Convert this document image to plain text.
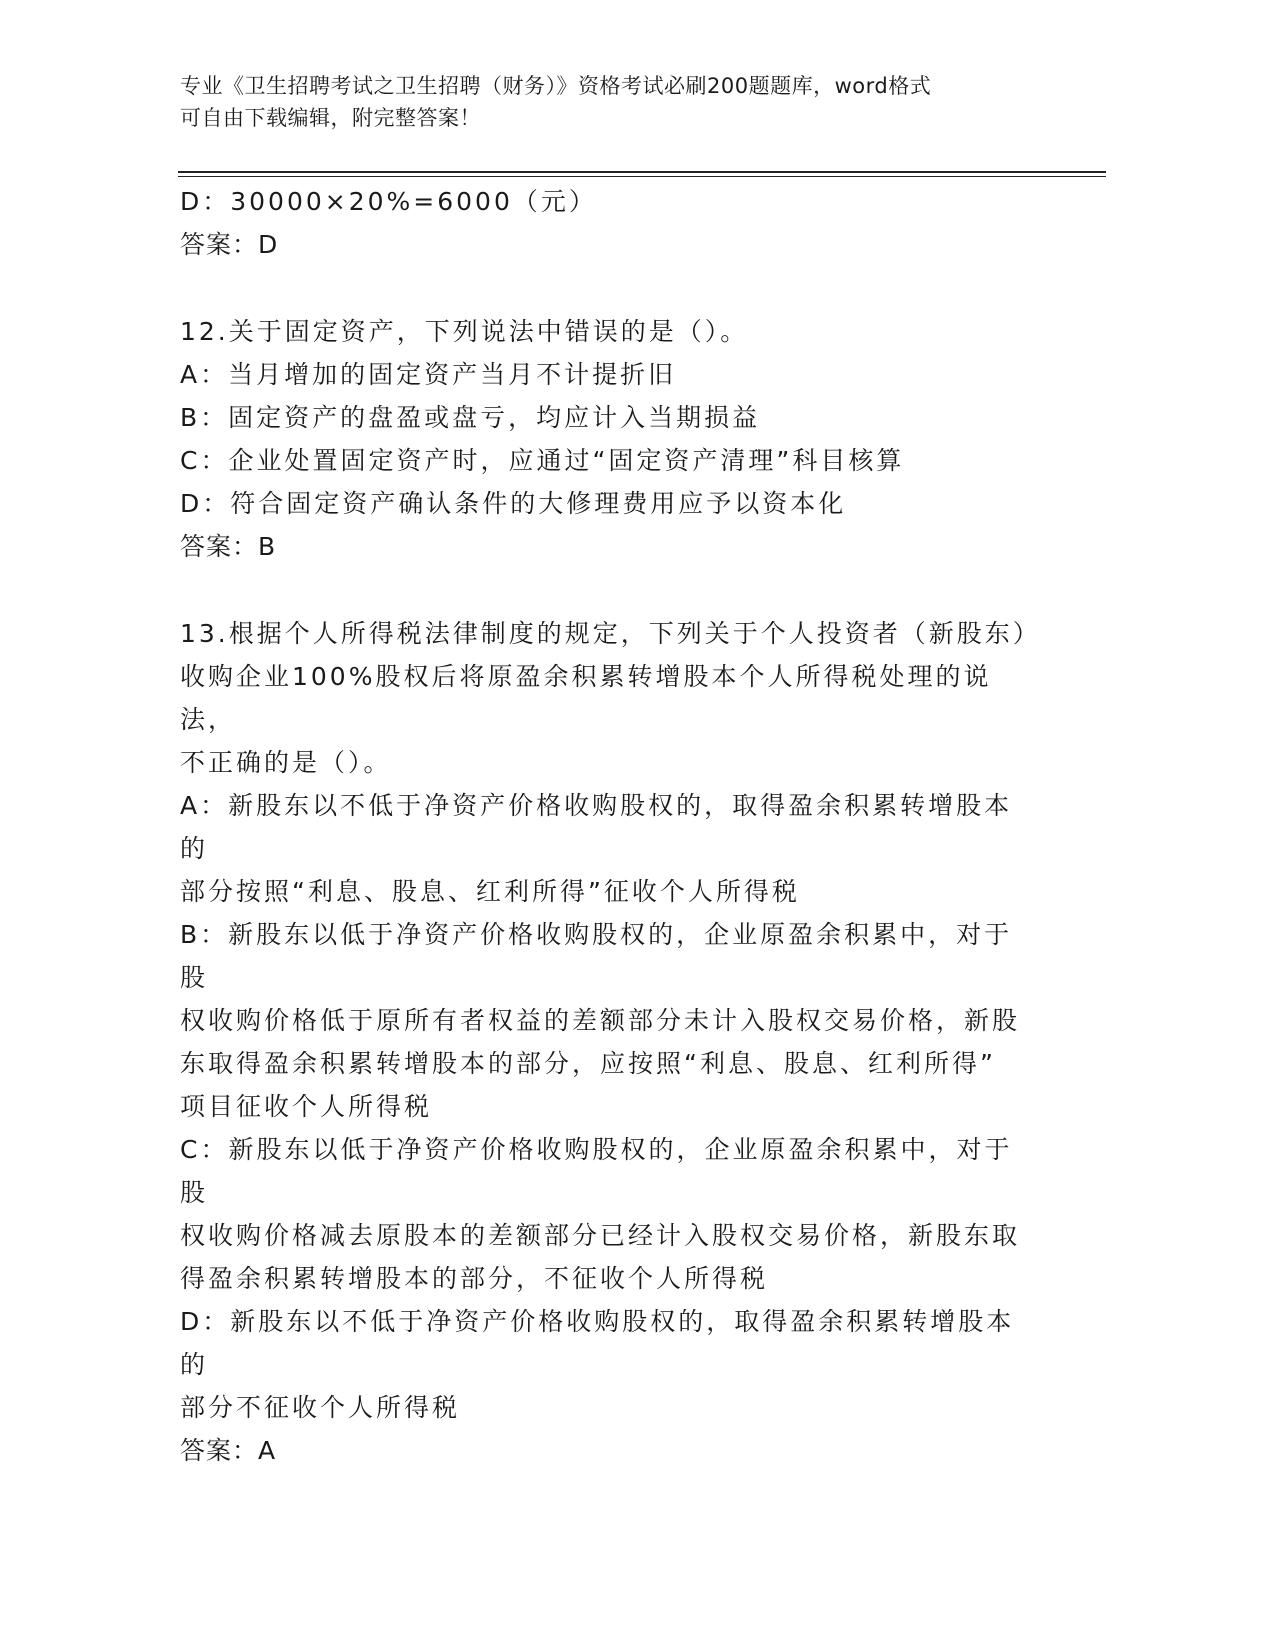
专业《卫生招聘考试之卫生招聘（财务）》资格考试必刷200题题库，word格式
可自由下载编辑，附完整答案！
D：30000×20%=6000（元）
答案：D
12.关于固定资产，下列说法中错误的是（）。
A：当月增加的固定资产当月不计提折旧
B：固定资产的盘盈或盘亏，均应计入当期损益
C：企业处置固定资产时，应通过“固定资产清理”科目核算
D：符合固定资产确认条件的大修理费用应予以资本化
答案：B
13.根据个人所得税法律制度的规定，下列关于个人投资者（新股东）
收购企业100%股权后将原盈余积累转增股本个人所得税处理的说法，
不正确的是（）。
A：新股东以不低于净资产价格收购股权的，取得盈余积累转增股本的
部分按照“利息、股息、红利所得”征收个人所得税
B：新股东以低于净资产价格收购股权的，企业原盈余积累中，对于股
权收购价格低于原所有者权益的差额部分未计入股权交易价格，新股
东取得盈余积累转增股本的部分，应按照“利息、股息、红利所得”
项目征收个人所得税
C：新股东以低于净资产价格收购股权的，企业原盈余积累中，对于股
权收购价格减去原股本的差额部分已经计入股权交易价格，新股东取
得盈余积累转增股本的部分，不征收个人所得税
D：新股东以不低于净资产价格收购股权的，取得盈余积累转增股本的
部分不征收个人所得税
答案：A
